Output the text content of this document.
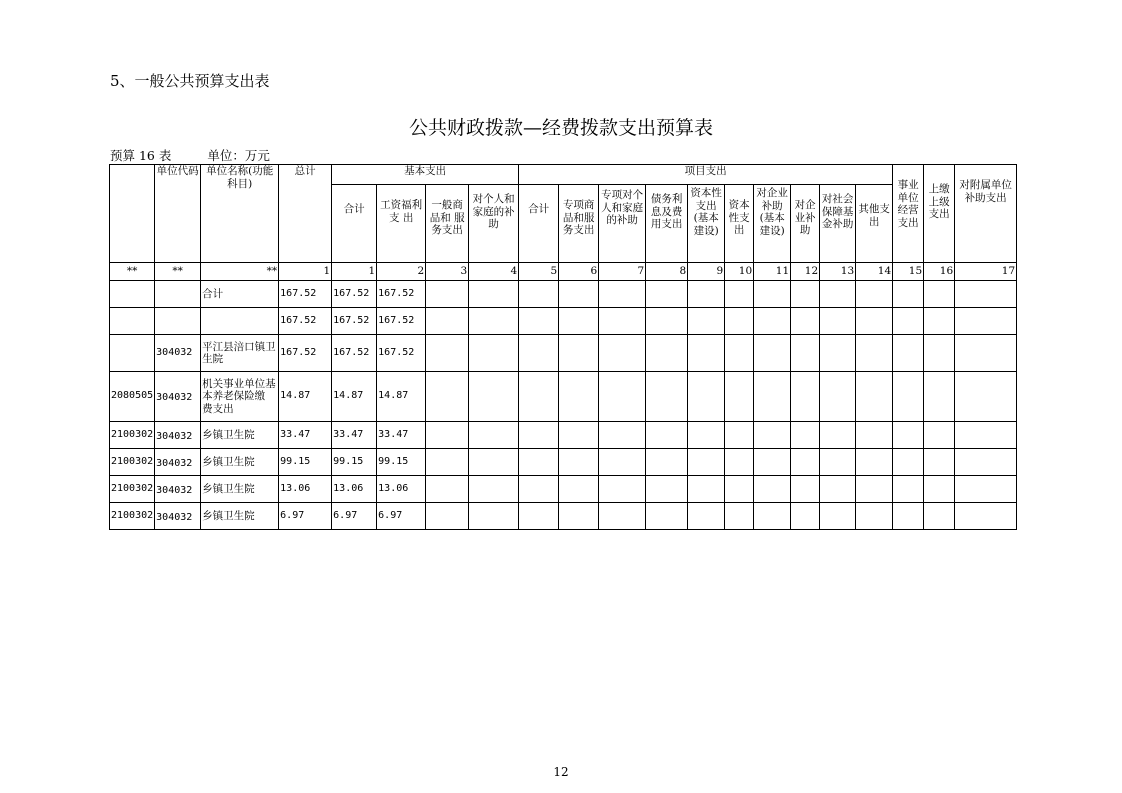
5、一般公共预算支出表
公共财政拨款—经费拨款支出预算表
预算 16 表	单位：万元
	单位代码	单位名称(功能科目)	总计	基本支出				项目支出										事业单位经营 支出	上缴上级支出	对附属单位补助支出
				合计	工资福利支 出	一般商品和 服务支出	对个人和家庭的补助	合计	专项商品和服务支出	专项对个人和家庭的补助	债务利息及费用支出	资本性支出(基本建设)	资本性支出	对企业补助(基本建设)	对企业补助	对社会 保障基金补助	其他支出			
**	**	**	1	1	2	3	4	5	6	7	8	9	10	11	12	13	14	15	16	17
		合计	167.52	167.52	167.52															
			167.52	167.52	167.52															
	304032	平江县涪口镇卫生院	167.52	167.52	167.52															
2080505	304032	机关事业单位基本养老保险缴 费支出	14.87	14.87	14.87															
2100302	304032	乡镇卫生院	33.47	33.47	33.47															
2100302	304032	乡镇卫生院	99.15	99.15	99.15															
2100302	304032	乡镇卫生院	13.06	13.06	13.06															
2100302	304032	乡镇卫生院	6.97	6.97	6.97															
12
